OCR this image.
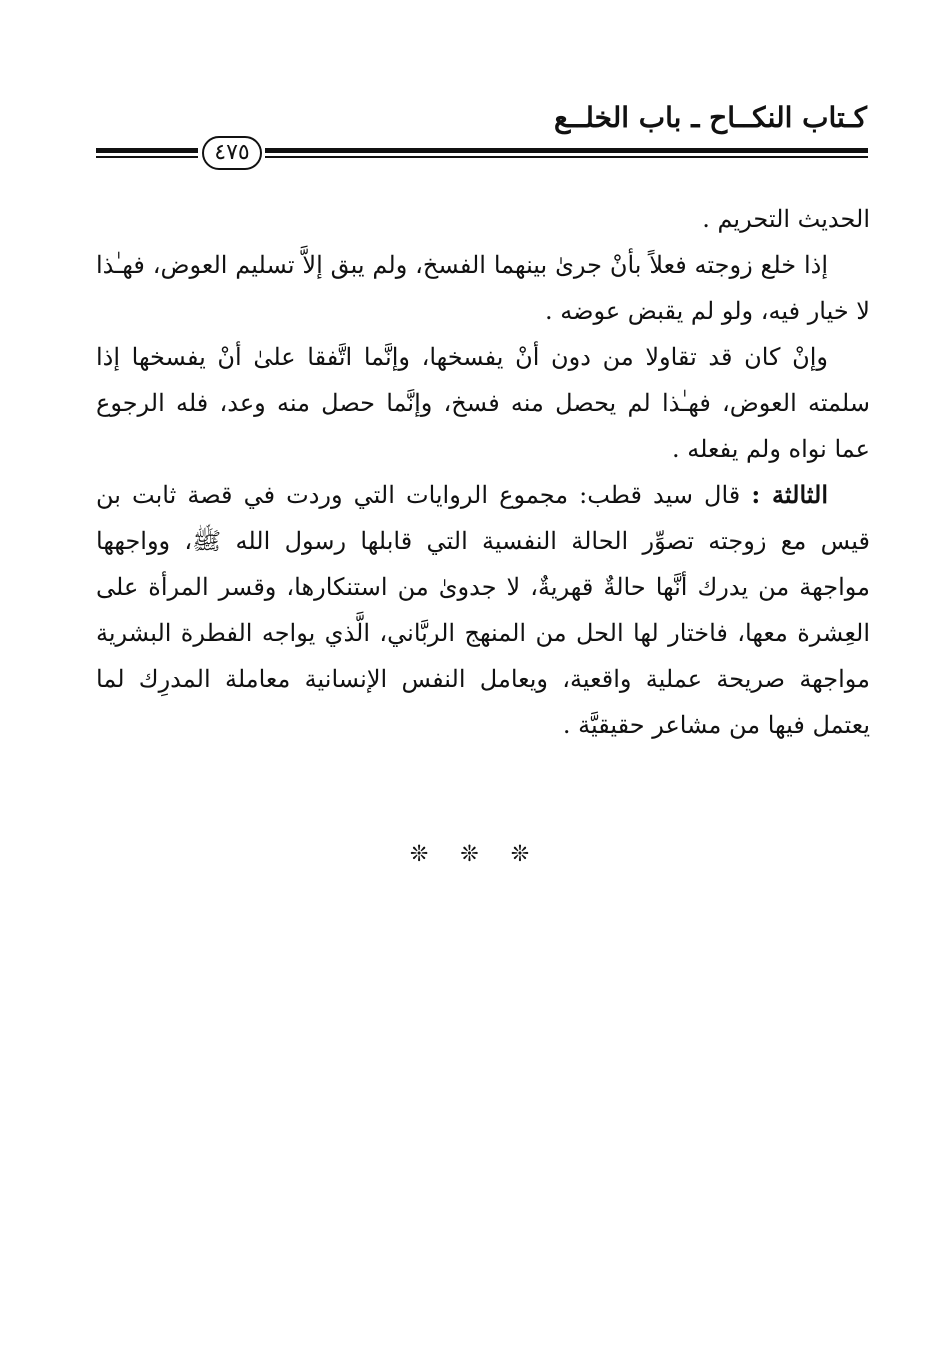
كـتاب النكــاح ـ باب الخلــع
٤٧٥

الحديث التحريم .

إذا خلع زوجته فعلاً بأنْ جرىٰ بينهما الفسخ، ولم يبق إلاَّ تسليم العوض، فهـٰذا لا خيار فيه، ولو لم يقبض عوضه .

وإنْ كان قد تقاولا من دون أنْ يفسخها، وإنَّما اتَّفقا علىٰ أنْ يفسخها إذا سلمته العوض، فهـٰذا لم يحصل منه فسخ، وإنَّما حصل منه وعد، فله الرجوع عما نواه ولم يفعله .

الثالثة : قال سيد قطب: مجموع الروايات التي وردت في قصة ثابت بن قيس مع زوجته تصوِّر الحالة النفسية التي قابلها رسول الله ﷺ، وواجهها مواجهة من يدرك أنَّها حالةٌ قهريةٌ، لا جدوىٰ من استنكارها، وقسر المرأة على العِشرة معها، فاختار لها الحل من المنهج الربَّاني، الَّذي يواجه الفطرة البشرية مواجهة صريحة عملية واقعية، ويعامل النفس الإنسانية معاملة المدرِك لما يعتمل فيها من مشاعر حقيقيَّة .

❊❊❊
